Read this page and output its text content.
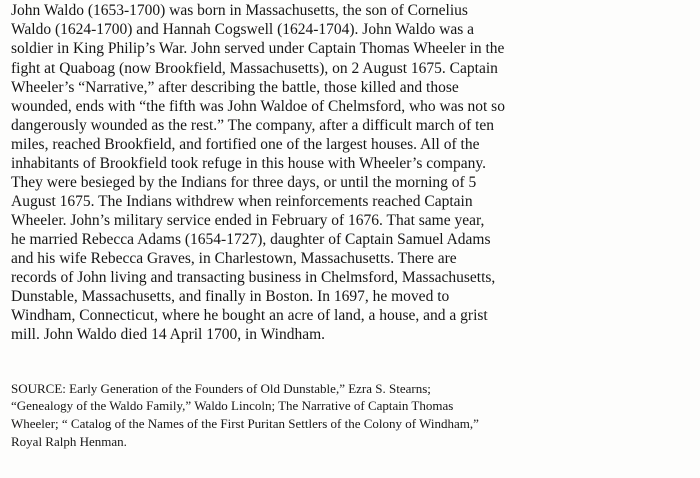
John Waldo (1653-1700) was born in Massachusetts, the son of Cornelius
Waldo (1624-1700) and Hannah Cogswell (1624-1704). John Waldo was a
soldier in King Philip’s War. John served under Captain Thomas Wheeler in the
fight at Quaboag (now Brookfield, Massachusetts), on 2 August 1675. Captain
Wheeler’s “Narrative,” after describing the battle, those killed and those
wounded, ends with “the fifth was John Waldoe of Chelmsford, who was not so
dangerously wounded as the rest.” The company, after a difficult march of ten
miles, reached Brookfield, and fortified one of the largest houses. All of the
inhabitants of Brookfield took refuge in this house with Wheeler’s company.
They were besieged by the Indians for three days, or until the morning of 5
August 1675. The Indians withdrew when reinforcements reached Captain
Wheeler. John’s military service ended in February of 1676. That same year,
he married Rebecca Adams (1654-1727), daughter of Captain Samuel Adams
and his wife Rebecca Graves, in Charlestown, Massachusetts. There are
records of John living and transacting business in Chelmsford, Massachusetts,
Dunstable, Massachusetts, and finally in Boston. In 1697, he moved to
Windham, Connecticut, where he bought an acre of land, a house, and a grist
mill. John Waldo died 14 April 1700, in Windham.
SOURCE: Early Generation of the Founders of Old Dunstable,” Ezra S. Stearns;
“Genealogy of the Waldo Family,” Waldo Lincoln; The Narrative of Captain Thomas
Wheeler; “ Catalog of the Names of the First Puritan Settlers of the Colony of Windham,”
Royal Ralph Henman.
